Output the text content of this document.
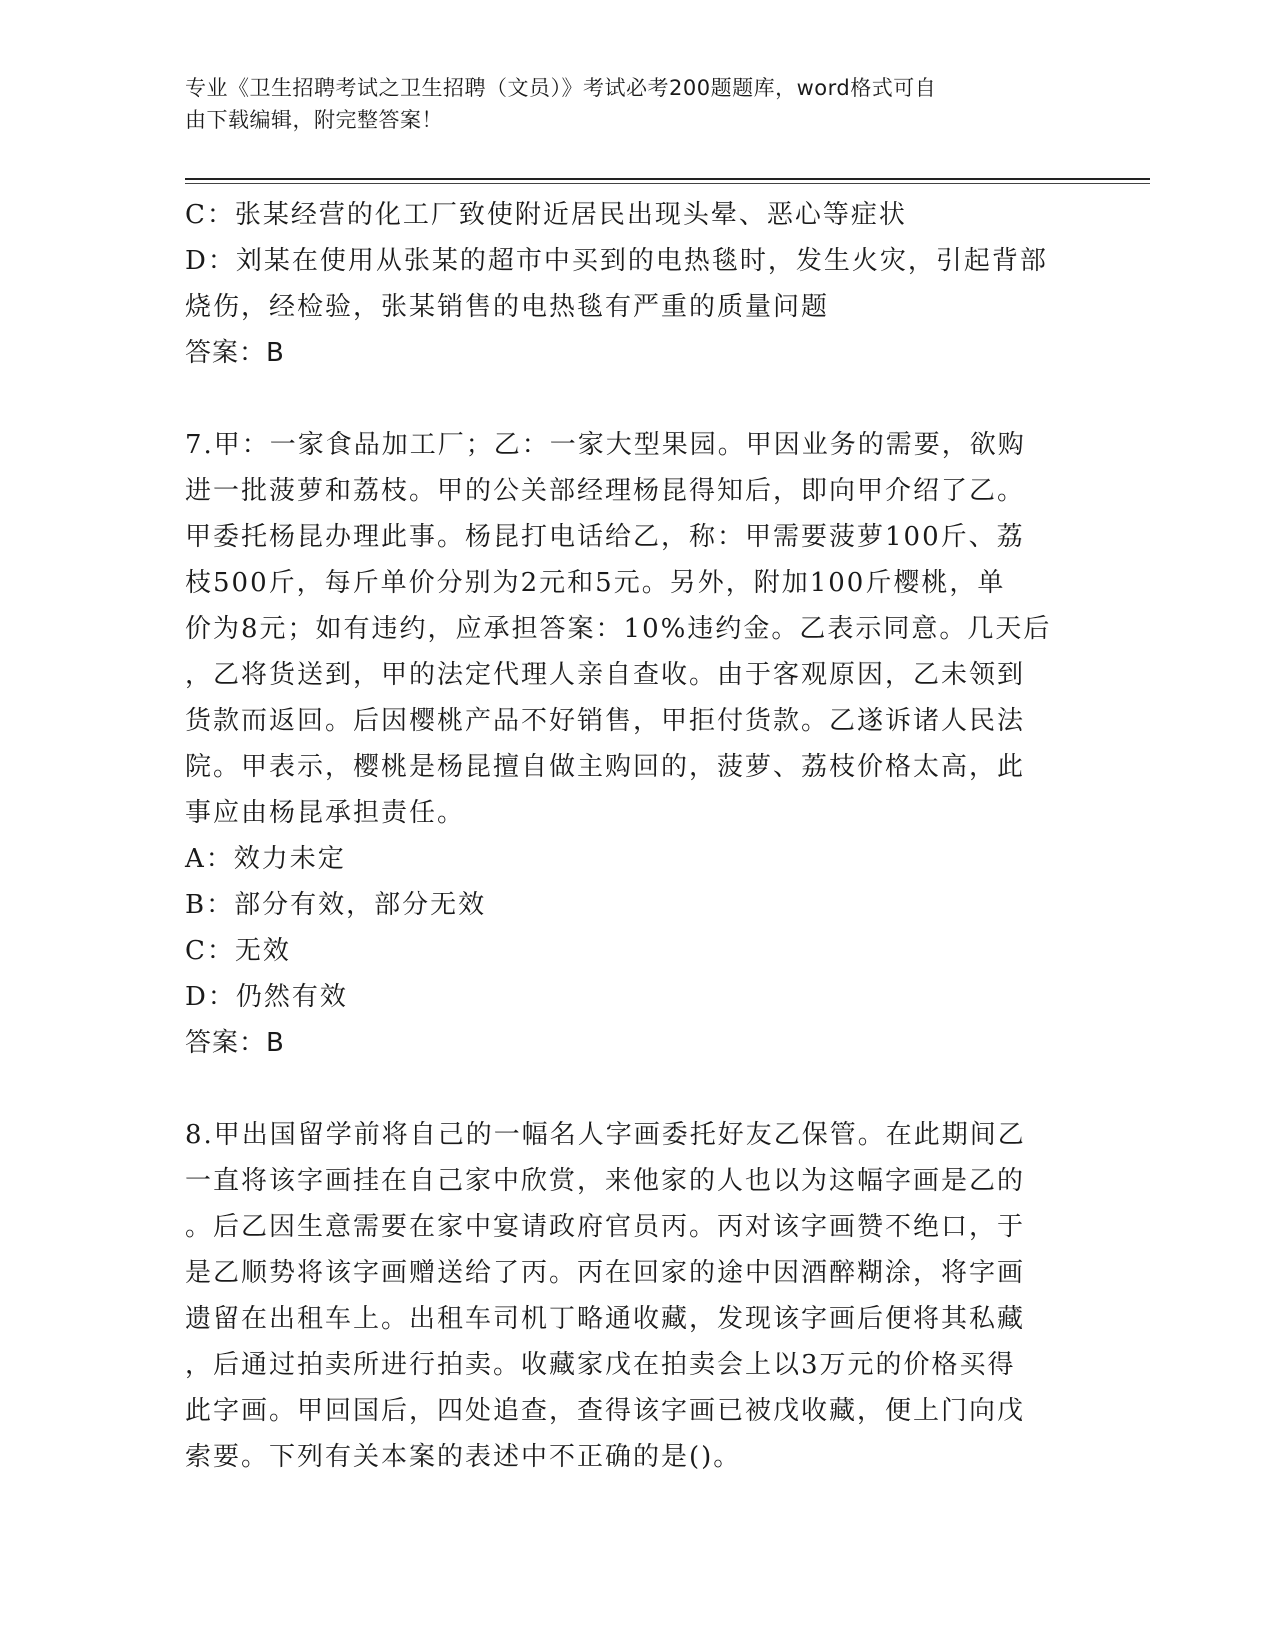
专业《卫生招聘考试之卫生招聘（文员）》考试必考200题题库，word格式可自
由下载编辑，附完整答案！
C：张某经营的化工厂致使附近居民出现头晕、恶心等症状
D：刘某在使用从张某的超市中买到的电热毯时，发生火灾，引起背部
烧伤，经检验，张某销售的电热毯有严重的质量问题
答案：B
7.甲：一家食品加工厂；乙：一家大型果园。甲因业务的需要，欲购
进一批菠萝和荔枝。甲的公关部经理杨昆得知后，即向甲介绍了乙。
甲委托杨昆办理此事。杨昆打电话给乙，称：甲需要菠萝100斤、荔
枝500斤，每斤单价分别为2元和5元。另外，附加100斤樱桃，单
价为8元；如有违约，应承担答案：10%违约金。乙表示同意。几天后
，乙将货送到，甲的法定代理人亲自查收。由于客观原因，乙未领到
货款而返回。后因樱桃产品不好销售，甲拒付货款。乙遂诉诸人民法
院。甲表示，樱桃是杨昆擅自做主购回的，菠萝、荔枝价格太高，此
事应由杨昆承担责任。
A：效力未定
B：部分有效，部分无效
C：无效
D：仍然有效
答案：B
8.甲出国留学前将自己的一幅名人字画委托好友乙保管。在此期间乙
一直将该字画挂在自己家中欣赏，来他家的人也以为这幅字画是乙的
。后乙因生意需要在家中宴请政府官员丙。丙对该字画赞不绝口，于
是乙顺势将该字画赠送给了丙。丙在回家的途中因酒醉糊涂，将字画
遗留在出租车上。出租车司机丁略通收藏，发现该字画后便将其私藏
，后通过拍卖所进行拍卖。收藏家戊在拍卖会上以3万元的价格买得
此字画。甲回国后，四处追查，查得该字画已被戊收藏，便上门向戊
索要。下列有关本案的表述中不正确的是()。
